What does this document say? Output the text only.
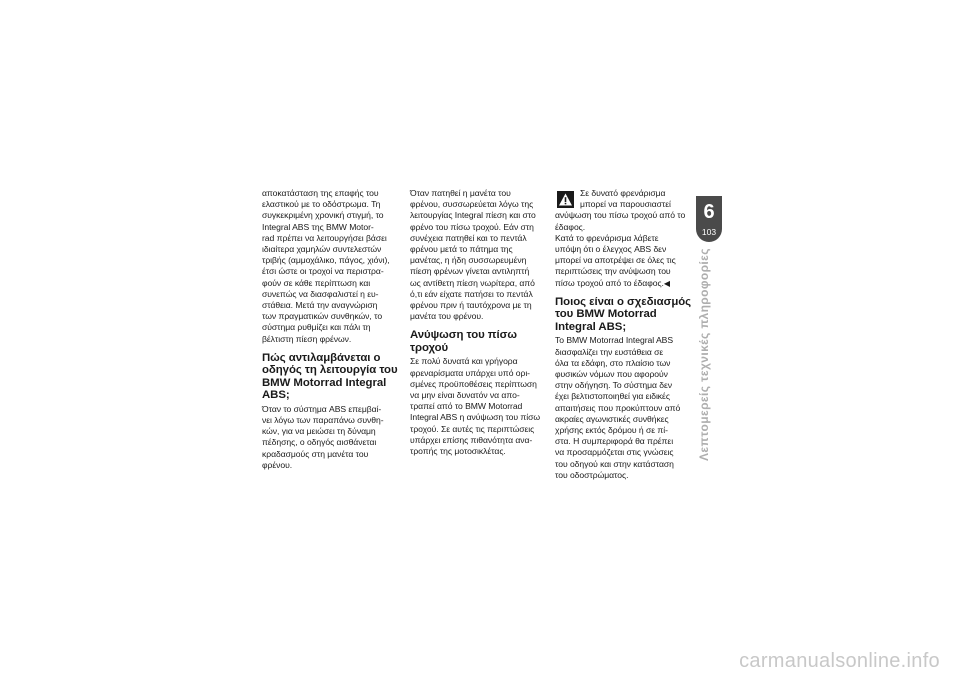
αποκατάσταση της επαφής του
ελαστικού με το οδόστρωμα. Τη
συγκεκριμένη χρονική στιγμή, το
Integral ABS της BMW Motor-
rad πρέπει να λειτουργήσει βάσει
ιδιαίτερα χαμηλών συντελεστών
τριβής (αμμοχάλικο, πάγος, χιόνι),
έτσι ώστε οι τροχοί να περιστρα-
φούν σε κάθε περίπτωση και
συνεπώς να διασφαλιστεί η ευ-
στάθεια. Μετά την αναγνώριση
των πραγματικών συνθηκών, το
σύστημα ρυθμίζει και πάλι τη
βέλτιστη πίεση φρένων.

Πώς αντιλαμβάνεται ο
οδηγός τη λειτουργία του
BMW Motorrad Integral
ABS;

Όταν το σύστημα ABS επεμβαί-
νει λόγω των παραπάνω συνθη-
κών, για να μειώσει τη δύναμη
πέδησης, ο οδηγός αισθάνεται
κραδασμούς στη μανέτα του
φρένου.

Όταν πατηθεί η μανέτα του
φρένου, συσσωρεύεται λόγω της
λειτουργίας Integral πίεση και στο
φρένο του πίσω τροχού. Εάν στη
συνέχεια πατηθεί και το πεντάλ
φρένου μετά το πάτημα της
μανέτας, η ήδη συσσωρευμένη
πίεση φρένων γίνεται αντιληπτή
ως αντίθετη πίεση νωρίτερα, από
ό,τι εάν είχατε πατήσει το πεντάλ
φρένου πριν ή ταυτόχρονα με τη
μανέτα του φρένου.

Ανύψωση του πίσω
τροχού

Σε πολύ δυνατά και γρήγορα
φρεναρίσματα υπάρχει υπό ορι-
σμένες προϋποθέσεις περίπτωση
να μην είναι δυνατόν να απο-
τραπεί από το BMW Motorrad
Integral ABS η ανύψωση του πίσω
τροχού. Σε αυτές τις περιπτώσεις
υπάρχει επίσης πιθανότητα ανα-
τροπής της μοτοσικλέτας.

Σε δυνατό φρενάρισμα
μπορεί να παρουσιαστεί

ανύψωση του πίσω τροχού από το
έδαφος.
Κατά το φρενάρισμα λάβετε
υπόψη ότι ο έλεγχος ABS δεν
μπορεί να αποτρέψει σε όλες τις
περιπτώσεις την ανύψωση του
πίσω τροχού από το έδαφος.◀

Ποιος είναι ο σχεδιασμός
του BMW Motorrad
Integral ABS;

Το BMW Motorrad Integral ABS
διασφαλίζει την ευστάθεια σε
όλα τα εδάφη, στο πλαίσιο των
φυσικών νόμων που αφορούν
στην οδήγηση. Το σύστημα δεν
έχει βελτιστοποιηθεί για ειδικές
απαιτήσεις που προκύπτουν από
ακραίες αγωνιστικές συνθήκες
χρήσης εκτός δρόμου ή σε πί-
στα. Η συμπεριφορά θα πρέπει
να προσαρμόζεται στις γνώσεις
του οδηγού και στην κατάσταση
του οδοστρώματος.

6
103
Λεπτομερείς τεχνικές πληροφορίες
carmanualsonline.info
